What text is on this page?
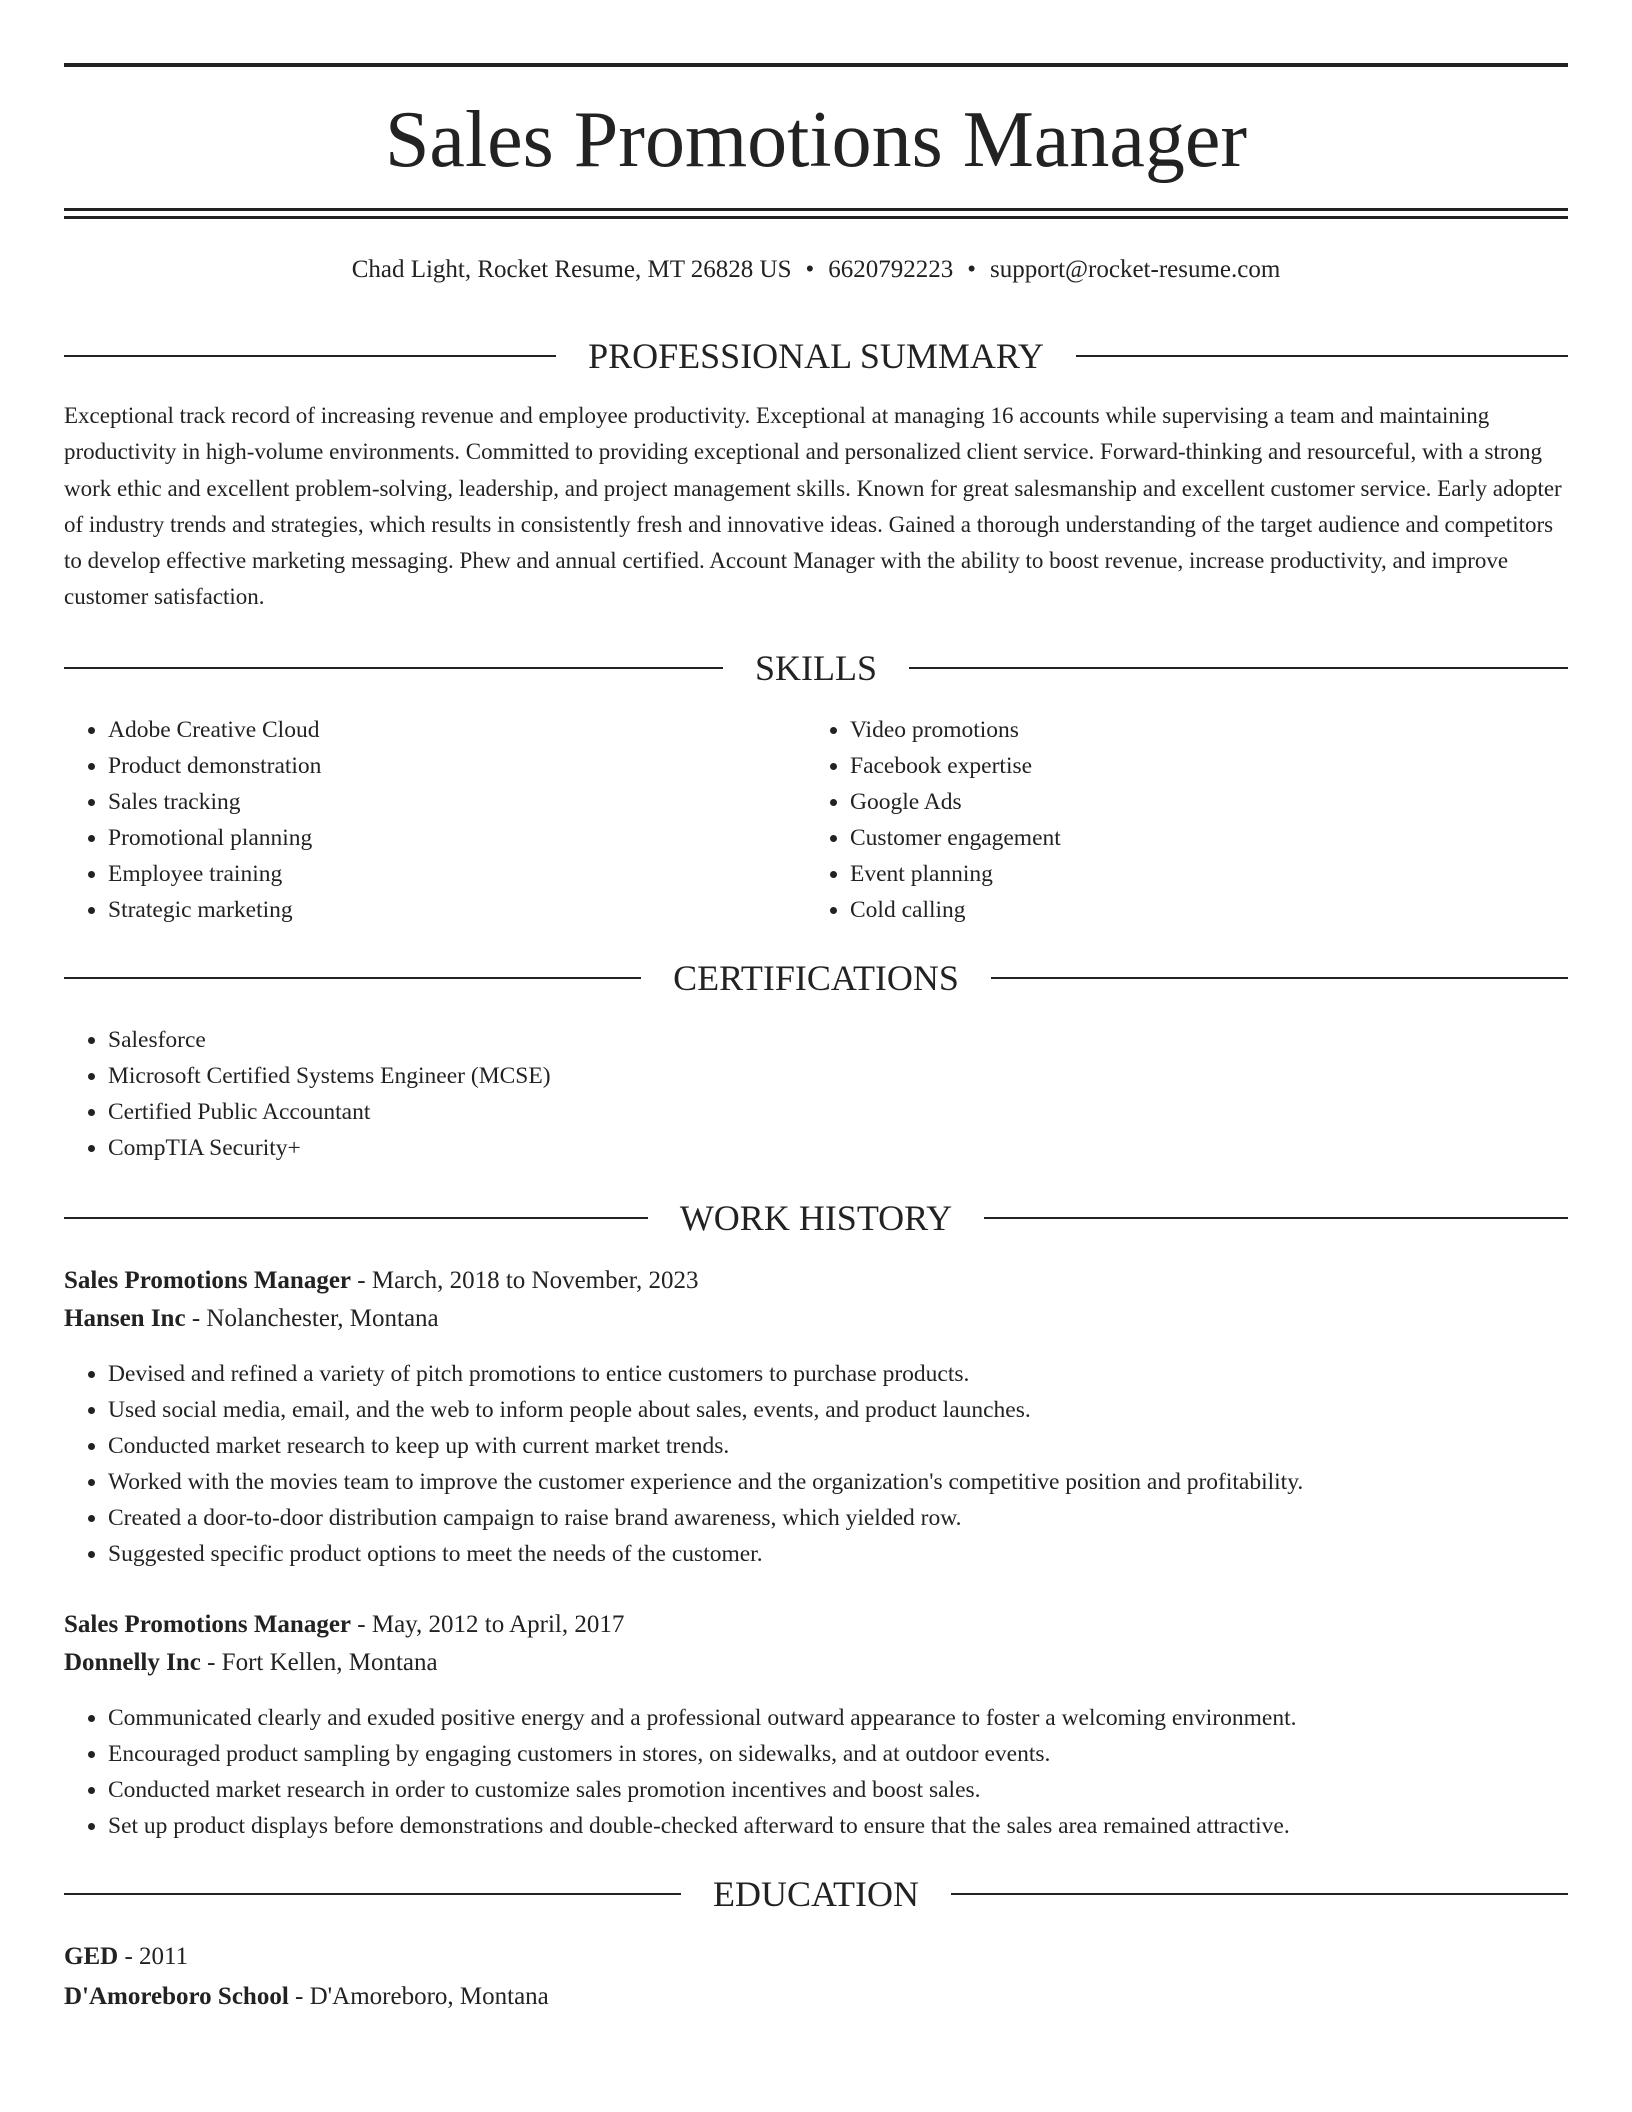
Sales Promotions Manager
Chad Light, Rocket Resume, MT 26828 US • 6620792223 • support@rocket-resume.com
PROFESSIONAL SUMMARY

Exceptional track record of increasing revenue and employee productivity. Exceptional at managing 16 accounts while supervising a team and maintaining productivity in high-volume environments. Committed to providing exceptional and personalized client service. Forward-thinking and resourceful, with a strong work ethic and excellent problem-solving, leadership, and project management skills. Known for great salesmanship and excellent customer service. Early adopter of industry trends and strategies, which results in consistently fresh and innovative ideas. Gained a thorough understanding of the target audience and competitors to develop effective marketing messaging. Phew and annual certified. Account Manager with the ability to boost revenue, increase productivity, and improve customer satisfaction.

SKILLS
• Adobe Creative Cloud
• Product demonstration
• Sales tracking
• Promotional planning
• Employee training
• Strategic marketing
• Video promotions
• Facebook expertise
• Google Ads
• Customer engagement
• Event planning
• Cold calling
CERTIFICATIONS
• Salesforce
• Microsoft Certified Systems Engineer (MCSE)
• Certified Public Accountant
• CompTIA Security+
WORK HISTORY
Sales Promotions Manager - March, 2018 to November, 2023
Hansen Inc - Nolanchester, Montana
• Devised and refined a variety of pitch promotions to entice customers to purchase products.
• Used social media, email, and the web to inform people about sales, events, and product launches.
• Conducted market research to keep up with current market trends.
• Worked with the movies team to improve the customer experience and the organization's competitive position and profitability.
• Created a door-to-door distribution campaign to raise brand awareness, which yielded row.
• Suggested specific product options to meet the needs of the customer.
Sales Promotions Manager - May, 2012 to April, 2017
Donnelly Inc - Fort Kellen, Montana
• Communicated clearly and exuded positive energy and a professional outward appearance to foster a welcoming environment.
• Encouraged product sampling by engaging customers in stores, on sidewalks, and at outdoor events.
• Conducted market research in order to customize sales promotion incentives and boost sales.
• Set up product displays before demonstrations and double-checked afterward to ensure that the sales area remained attractive.
EDUCATION
GED - 2011
D'Amoreboro School - D'Amoreboro, Montana
